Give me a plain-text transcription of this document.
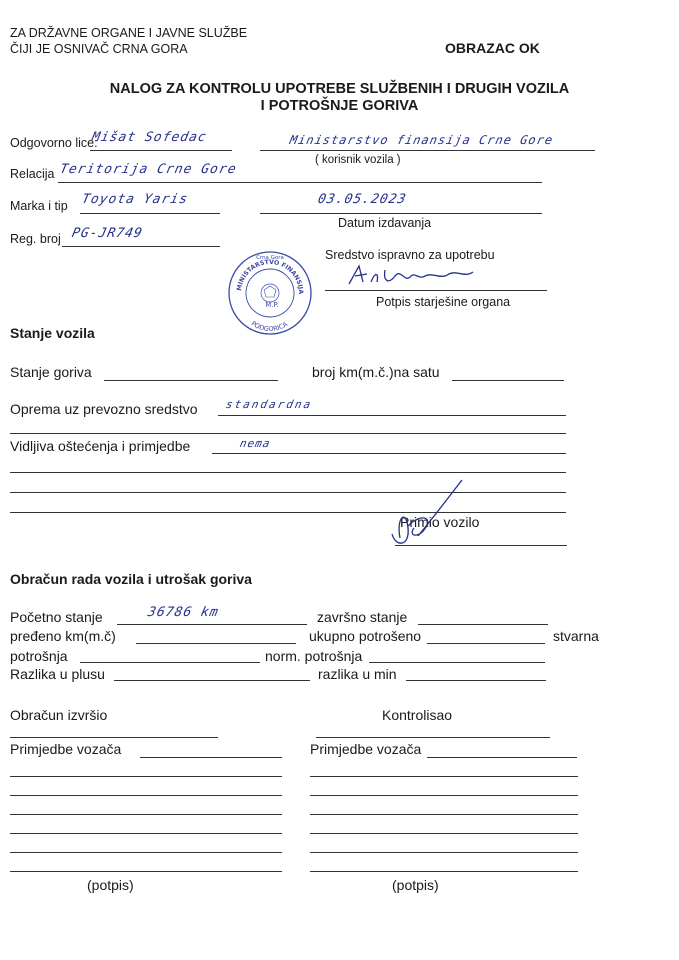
ZA DRŽAVNE ORGANE I JAVNE SLUŽBE
ČIJI JE OSNIVAČ CRNA GORA	OBRAZAC OK
NALOG ZA KONTROLU UPOTREBE SLUŽBENIH I DRUGIH VOZILA
I POTROŠNJE GORIVA
Odgovorno lice:
Mišat Sofedac	Ministarstvo finansija Crne Gore
( korisnik vozila )
Relacija Teritorija Crne Gore
Marka i tip Toyota Yaris	03.05.2023
Datum izdavanja
Reg. broj PG-JR749
Sredstvo ispravno za upotrebu
Potpis starješine organa
MINISTARSTVO FINANSIJA
PODGORICA
Crna Gora
M.P.
Stanje vozila
Stanje goriva	broj km(m.č.)na satu
Oprema uz prevozno sredstvo standardna
Vidljiva oštećenja i primjedbe	nema
Primio vozilo
Obračun rada vozila i utrošak goriva
Početno stanje	36786 km	završno stanje
pređeno km(m.č)	ukupno potrošeno	stvarna
potrošnja	norm. potrošnja
Razlika u plusu	razlika u min
Obračun izvršio	Kontrolisao
Primjedbe vozača	Primjedbe vozača
(potpis)	(potpis)
